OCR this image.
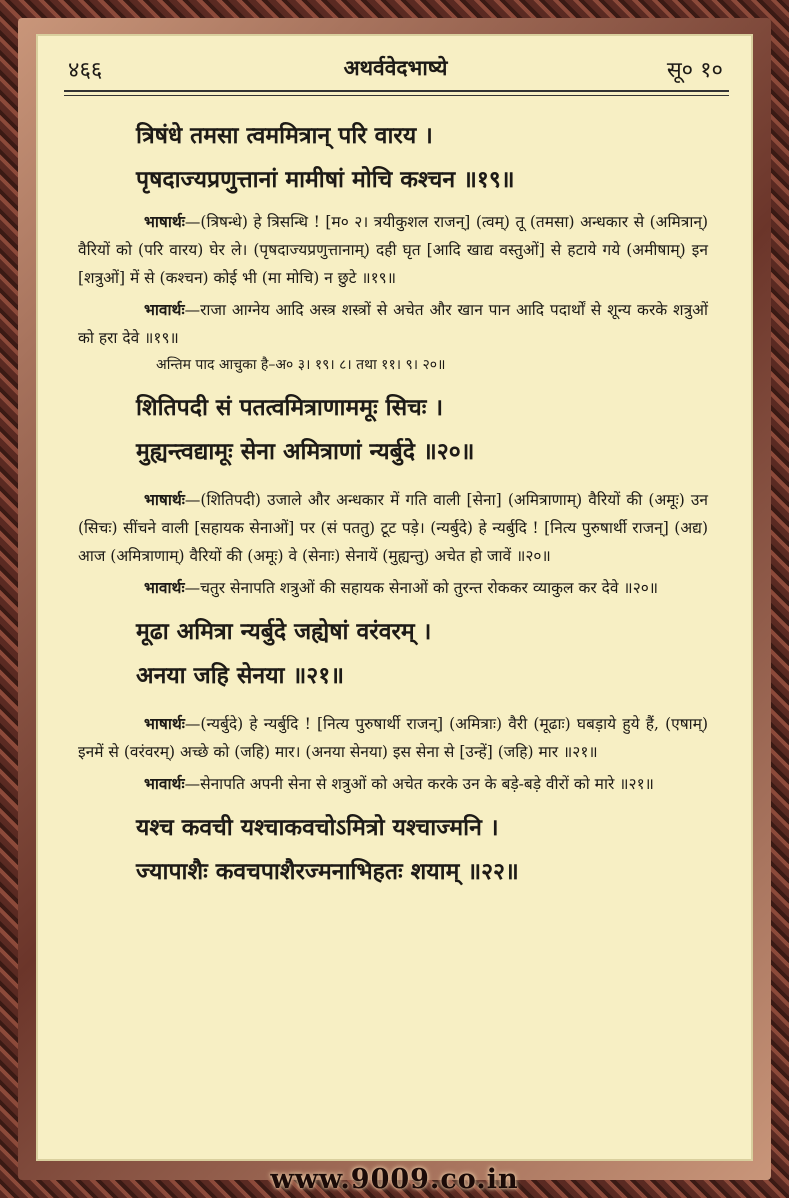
४६६	अथर्ववेदभाष्ये	सू० १०
त्रिषंधे तमसा त्वममित्रान् परि वारय ।
पृषदाज्यप्रणुत्तानां मामीषां मोचि कश्चन ॥१९॥

भाषार्थः—(त्रिषन्धे) हे त्रिसन्धि ! [म० २। त्रयीकुशल राजन्] (त्वम्) तू (तमसा) अन्धकार से (अमित्रान्) वैरियों को (परि वारय) घेर ले। (पृषदाज्यप्रणुत्तानाम्) दही घृत [आदि खाद्य वस्तुओं] से हटाये गये (अमीषाम्) इन [शत्रुओं] में से (कश्चन) कोई भी (मा मोचि) न छुटे ॥१९॥

भावार्थः—राजा आग्नेय आदि अस्त्र शस्त्रों से अचेत और खान पान आदि पदार्थों से शून्य करके शत्रुओं को हरा देवे ॥१९॥

अन्तिम पाद आचुका है–अ० ३। १९। ८। तथा ११। ९। २०॥
शितिपदी सं पतत्वमित्राणाममूः सिचः ।
मुह्यन्त्वद्यामूः सेना अमित्राणां न्यर्बुदे ॥२०॥

भाषार्थः—(शितिपदी) उजाले और अन्धकार में गति वाली [सेना] (अमित्राणाम्) वैरियों की (अमूः) उन (सिचः) सींचने वाली [सहायक सेनाओं] पर (सं पततु) टूट पड़े। (न्यर्बुदे) हे न्यर्बुदि ! [नित्य पुरुषार्थी राजन्] (अद्य) आज (अमित्राणाम्) वैरियों की (अमूः) वे (सेनाः) सेनायें (मुह्यन्तु) अचेत हो जावें ॥२०॥

भावार्थः—चतुर सेनापति शत्रुओं की सहायक सेनाओं को तुरन्त रोककर व्याकुल कर देवे ॥२०॥

मूढा अमित्रा न्यर्बुदे जह्येषां वरंवरम् ।
अनया जहि सेनया ॥२१॥

भाषार्थः—(न्यर्बुदे) हे न्यर्बुदि ! [नित्य पुरुषार्थी राजन्] (अमित्राः) वैरी (मूढाः) घबड़ाये हुये हैं, (एषाम्) इनमें से (वरंवरम्) अच्छे को (जहि) मार। (अनया सेनया) इस सेना से [उन्हें] (जहि) मार ॥२१॥

भावार्थः—सेनापति अपनी सेना से शत्रुओं को अचेत करके उन के बड़े-बड़े वीरों को मारे ॥२१॥

यश्च कवची यश्चाकवचोऽमित्रो यश्चाज्मनि ।
ज्यापाशैः कवचपाशैरज्मनाभिहतः शयाम् ॥२२॥
www.9009.co.in
